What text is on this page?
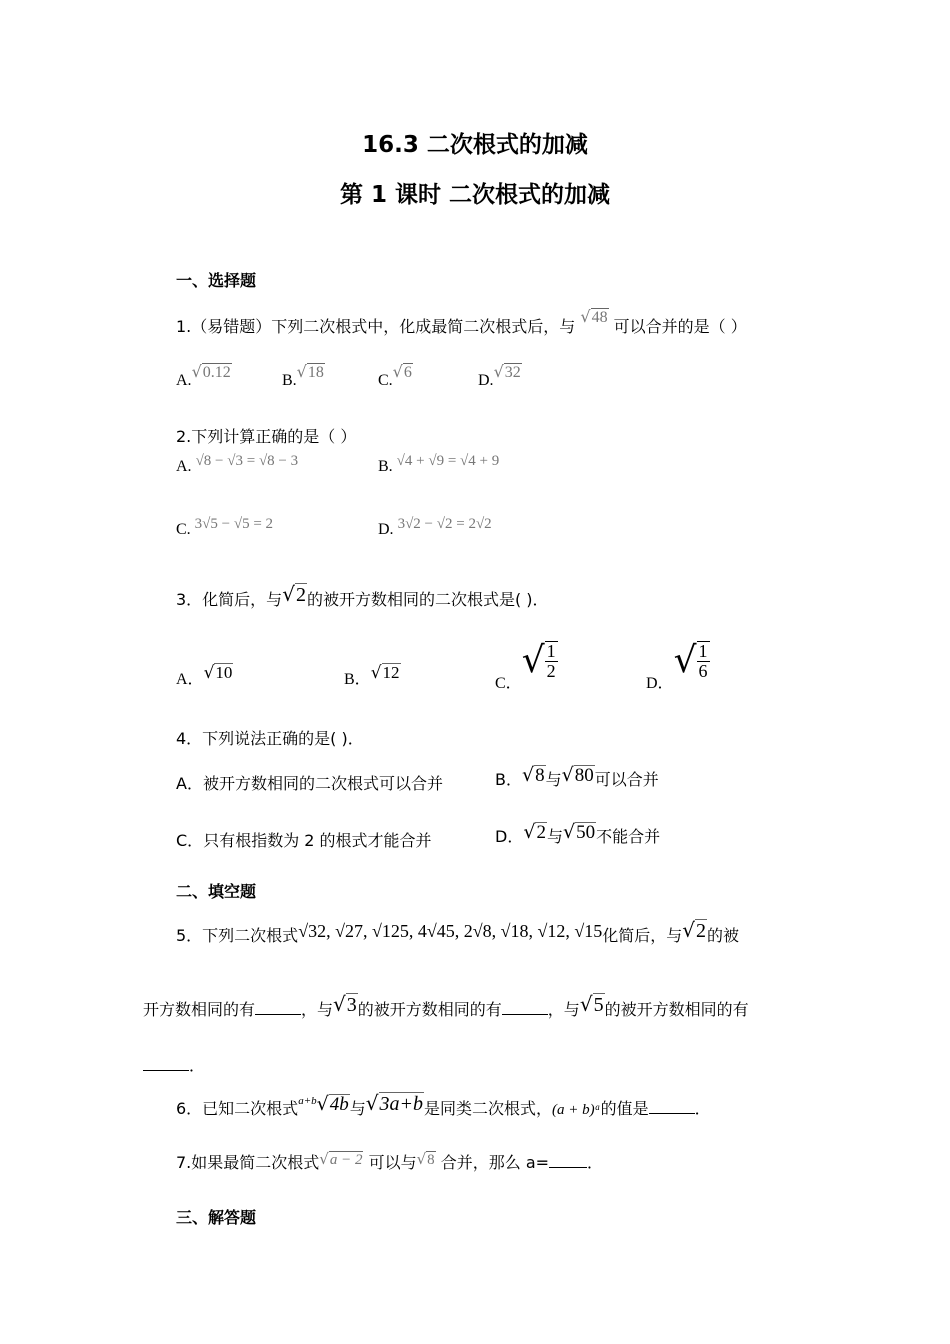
16.3 二次根式的加减
第 1 课时 二次根式的加减
一、选择题
1.（易错题）下列二次根式中，化成最简二次根式后，与 √48 可以合并的是（ ）
A.√0.12	B.√18	C.√6	D.√32
2.下列计算正确的是（ ）
A. √8 − √3 = √8 − 3	B. √4 + √9 = √4 + 9
C. 3√5 − √5 = 2	D. 3√2 − √2 = 2√2
3．化简后，与√2的被开方数相同的二次根式是( )．
A．√10	B．√12
C．√ $\frac{1}{2}$
D．√ $\frac{1}{6}$
4．下列说法正确的是( )．
A．被开方数相同的二次根式可以合并	B．√8与√80可以合并
C．只有根指数为 2 的根式才能合并	D．√2与√50不能合并
二、填空题
5．下列二次根式√32, √27, √125, 4√45, 2√8, √18, √12, √15化简后，与√2的被
开方数相同的有	，与√3的被开方数相同的有	，与√5的被开方数相同的有
．
6．已知二次根式$^{a+b}$√4b与√3a+b是同类二次根式，(a + b)ᵃ的值是	．
7.如果最简二次根式√a − 2 可以与√8 合并，那么 a= ．
三、解答题
